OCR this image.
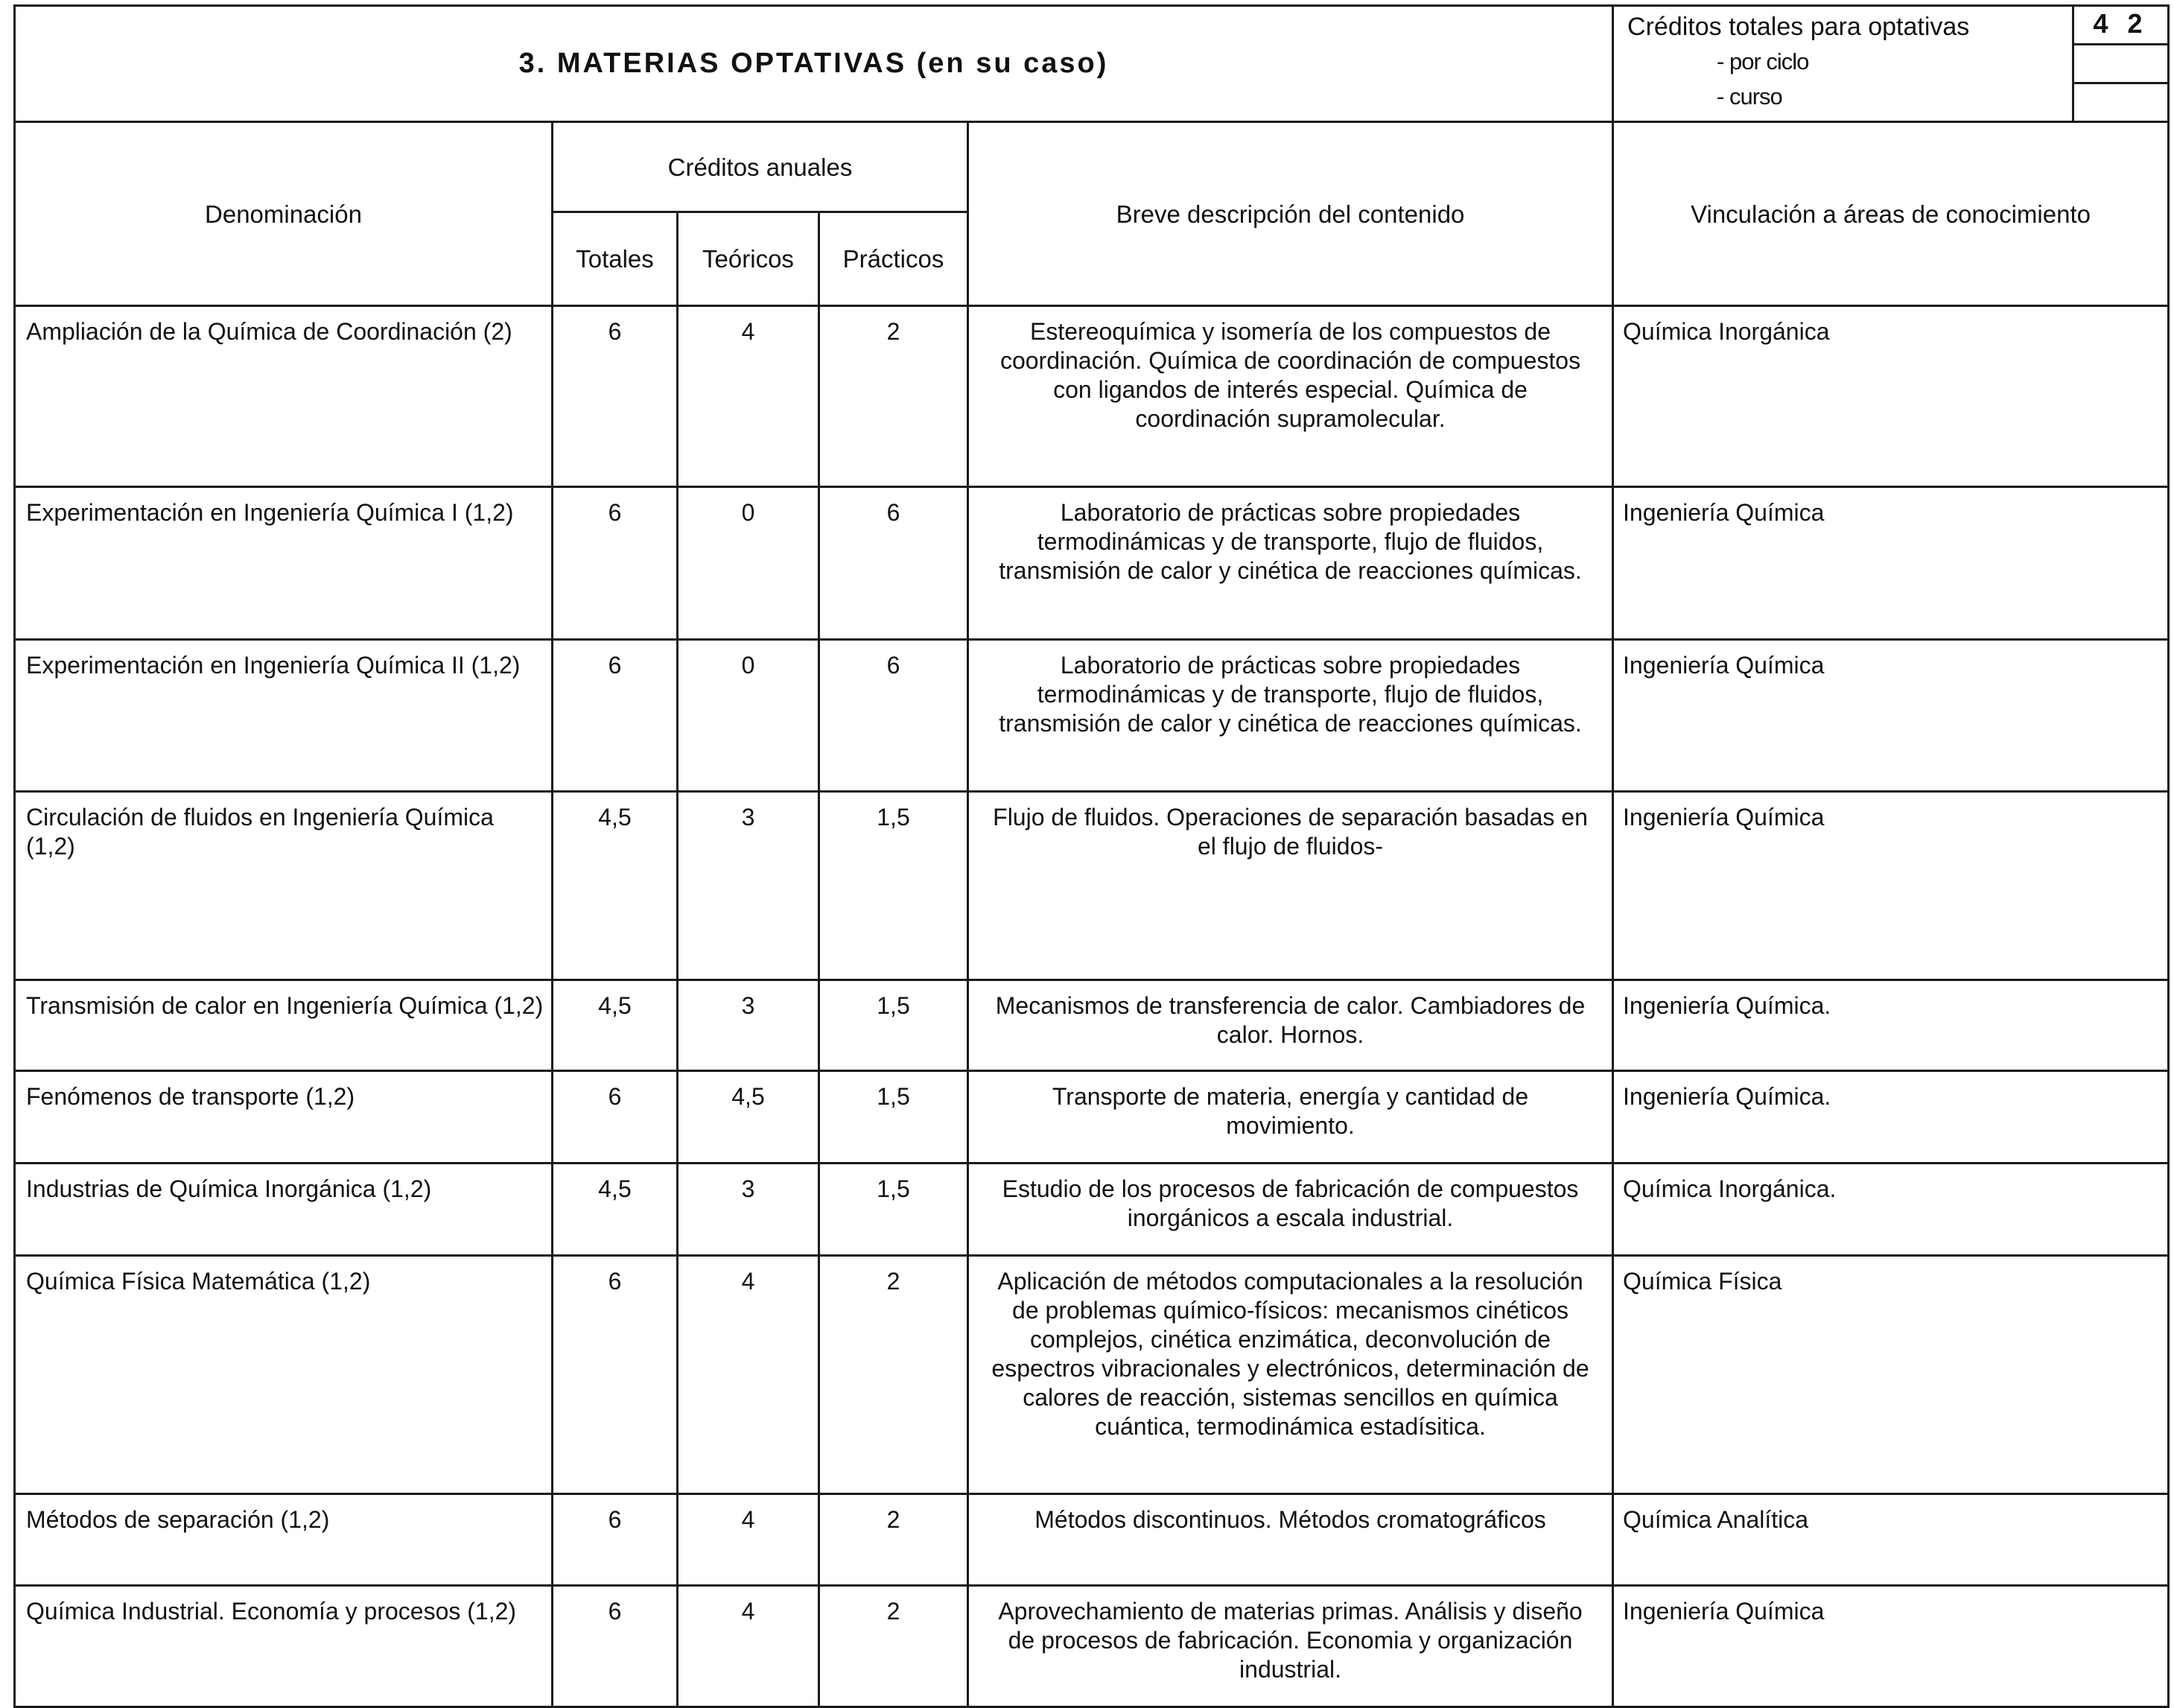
3. MATERIAS OPTATIVAS (en su caso)					Créditos totales para optativas
- por ciclo
- curso	4 2

Denominación	Créditos anuales			Breve descripción del contenido	Vinculación a áreas de conocimiento	
	Totales	Teóricos	Prácticos			
Ampliación de la Química de Coordinación (2)	6	4	2	Estereoquímica y isomería de los compuestos de coordinación. Química de coordinación de compuestos con ligandos de interés especial. Química de coordinación supramolecular.	Química Inorgánica	
Experimentación en Ingeniería Química I (1,2)	6	0	6	Laboratorio de prácticas sobre propiedades termodinámicas y de transporte, flujo de fluidos, transmisión de calor y cinética de reacciones químicas.	Ingeniería Química	
Experimentación en Ingeniería Química II (1,2)	6	0	6	Laboratorio de prácticas sobre propiedades termodinámicas y de transporte, flujo de fluidos, transmisión de calor y cinética de reacciones químicas.	Ingeniería Química	
Circulación de fluidos en Ingeniería Química (1,2)	4,5	3	1,5	Flujo de fluidos. Operaciones de separación basadas en el flujo de fluidos-	Ingeniería Química	
Transmisión de calor en Ingeniería Química (1,2)	4,5	3	1,5	Mecanismos de transferencia de calor. Cambiadores de calor. Hornos.	Ingeniería Química.	
Fenómenos de transporte (1,2)	6	4,5	1,5	Transporte de materia, energía y cantidad de movimiento.	Ingeniería Química.	
Industrias de Química Inorgánica (1,2)	4,5	3	1,5	Estudio de los procesos de fabricación de compuestos inorgánicos a escala industrial.	Química Inorgánica.	
Química Física Matemática (1,2)	6	4	2	Aplicación de métodos computacionales a la resolución de problemas químico-físicos: mecanismos cinéticos complejos, cinética enzimática, deconvolución de espectros vibracionales y electrónicos, determinación de calores de reacción, sistemas sencillos en química cuántica, termodinámica estadísitica.	Química Física	
Métodos de separación (1,2)	6	4	2	Métodos discontinuos. Métodos cromatográficos	Química Analítica	
Química Industrial. Economía y procesos (1,2)	6	4	2	Aprovechamiento de materias primas. Análisis y diseño de procesos de fabricación. Economia y organización industrial.	Ingeniería Química	
